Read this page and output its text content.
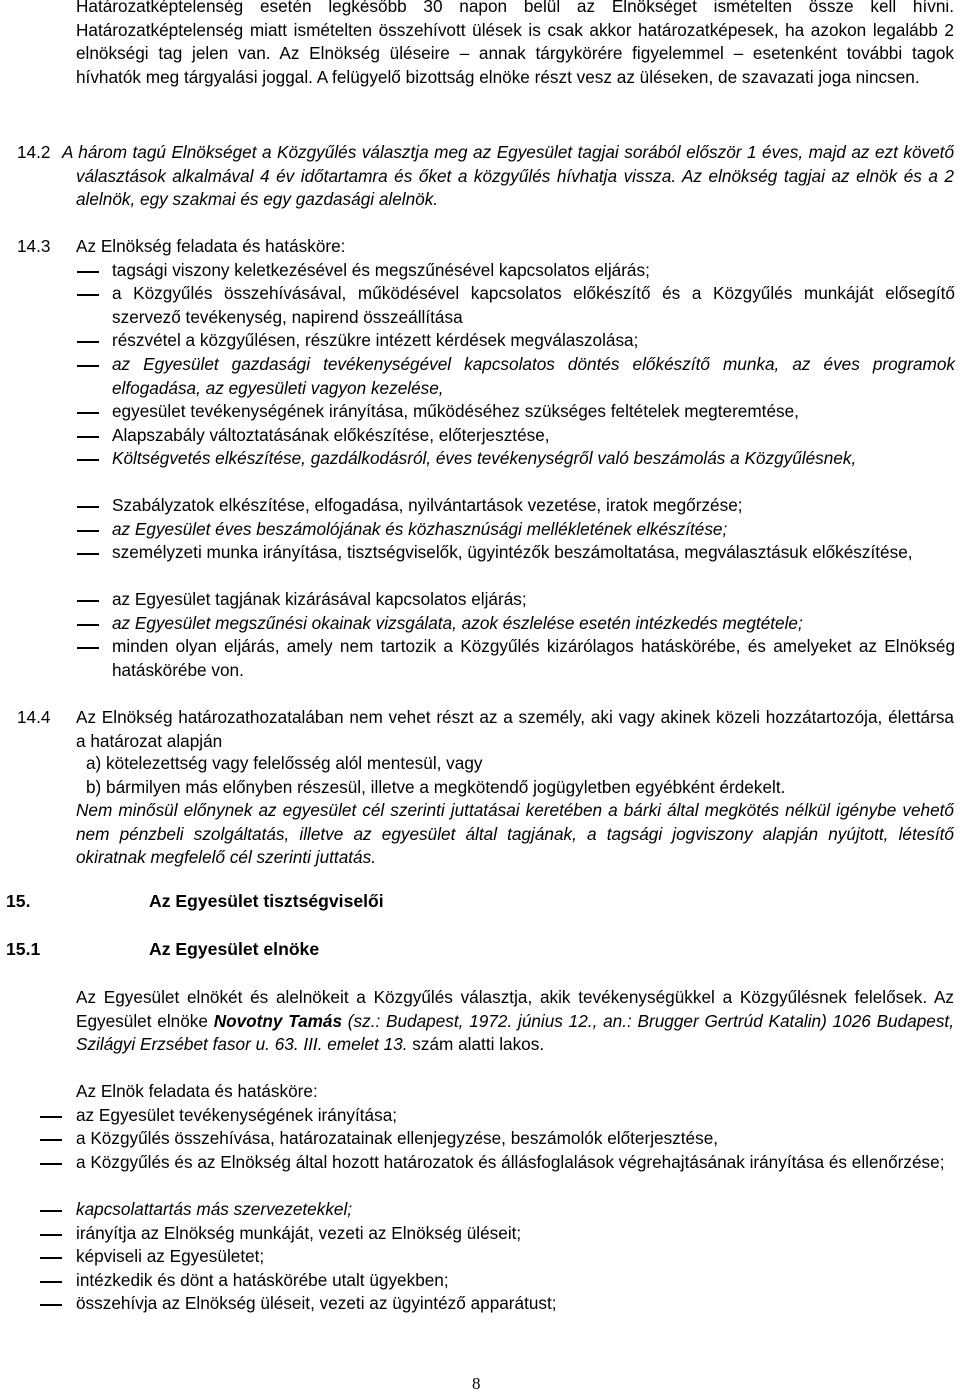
Határozatképtelenség esetén legkésőbb 30 napon belül az Elnökséget ismételten össze kell hívni. Határozatképtelenség miatt ismételten összehívott ülések is csak akkor határozatképesek, ha azokon legalább 2 elnökségi tag jelen van. Az Elnökség üléseire – annak tárgykörére figyelemmel – esetenként további tagok hívhatók meg tárgyalási joggal. A felügyelő bizottság elnöke részt vesz az üléseken, de szavazati joga nincsen.
14.2 A három tagú Elnökséget a Közgyűlés választja meg az Egyesület tagjai sorából először 1 éves, majd az ezt követő választások alkalmával 4 év időtartamra és őket a közgyűlés hívhatja vissza. Az elnökség tagjai az elnök és a 2 alelnök, egy szakmai és egy gazdasági alelnök.
14.3 Az Elnökség feladata és hatásköre:
tagsági viszony keletkezésével és megszűnésével kapcsolatos eljárás;
a Közgyűlés összehívásával, működésével kapcsolatos előkészítő és a Közgyűlés munkáját elősegítő szervező tevékenység, napirend összeállítása
részvétel a közgyűlésen, részükre intézett kérdések megválaszolása;
az Egyesület gazdasági tevékenységével kapcsolatos döntés előkészítő munka, az éves programok elfogadása, az egyesületi vagyon kezelése,
egyesület tevékenységének irányítása, működéséhez szükséges feltételek megteremtése,
Alapszabály változtatásának előkészítése, előterjesztése,
Költségvetés elkészítése, gazdálkodásról, éves tevékenységről való beszámolás a Közgyűlésnek,
Szabályzatok elkészítése, elfogadása, nyilvántartások vezetése, iratok megőrzése;
az Egyesület éves beszámolójának és közhasznúsági mellékletének elkészítése;
személyzeti munka irányítása, tisztségviselők, ügyintézők beszámoltatása, megválasztásuk előkészítése,
az Egyesület tagjának kizárásával kapcsolatos eljárás;
az Egyesület megszűnési okainak vizsgálata, azok észlelése esetén intézkedés megtétele;
minden olyan eljárás, amely nem tartozik a Közgyűlés kizárólagos hatáskörébe, és amelyeket az Elnökség hatáskörébe von.
14.4 Az Elnökség határozathozatalában nem vehet részt az a személy, aki vagy akinek közeli hozzátartozója, élettársa a határozat alapján
a) kötelezettség vagy felelősség alól mentesül, vagy
b) bármilyen más előnyben részesül, illetve a megkötendő jogügyletben egyébként érdekelt.
Nem minősül előnynek az egyesület cél szerinti juttatásai keretében a bárki által megkötés nélkül igénybe vehető nem pénzbeli szolgáltatás, illetve az egyesület által tagjának, a tagsági jogviszony alapján nyújtott, létesítő okiratnak megfelelő cél szerinti juttatás.
15.	Az Egyesület tisztségviselői
15.1	Az Egyesület elnöke
Az Egyesület elnökét és alelnökeit a Közgyűlés választja, akik tevékenységükkel a Közgyűlésnek felelősek. Az Egyesület elnöke Novotny Tamás (sz.: Budapest, 1972. június 12., an.: Brugger Gertrúd Katalin) 1026 Budapest, Szilágyi Erzsébet fasor u. 63. III. emelet 13. szám alatti lakos.
Az Elnök feladata és hatásköre:
az Egyesület tevékenységének irányítása;
a Közgyűlés összehívása, határozatainak ellenjegyzése, beszámolók előterjesztése,
a Közgyűlés és az Elnökség által hozott határozatok és állásfoglalások végrehajtásának irányítása és ellenőrzése;
kapcsolattartás más szervezetekkel;
irányítja az Elnökség munkáját, vezeti az Elnökség üléseit;
képviseli az Egyesületet;
intézkedik és dönt a hatáskörébe utalt ügyekben;
összehívja az Elnökség üléseit, vezeti az ügyintéző apparátust;
8
